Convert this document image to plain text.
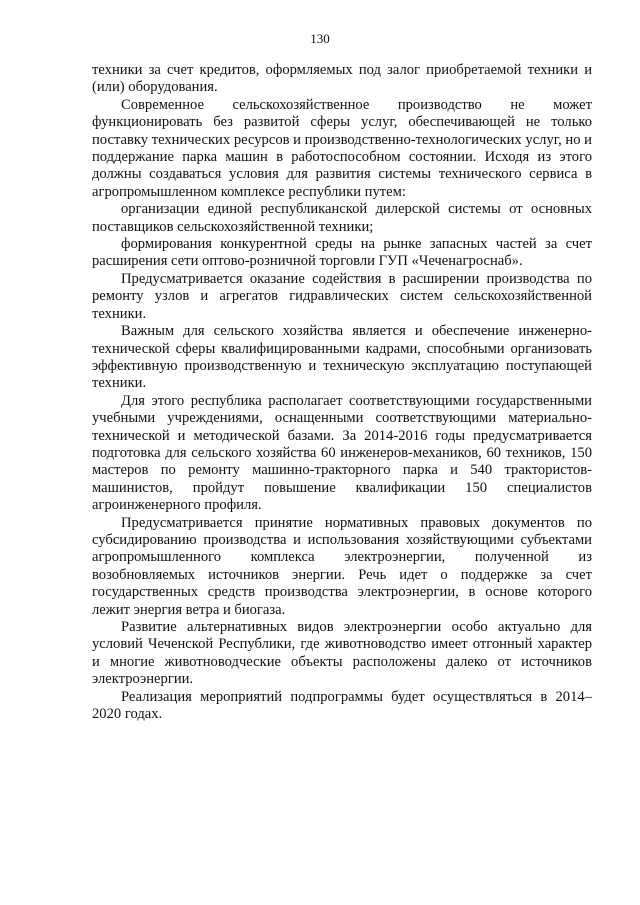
130

техники за счет кредитов, оформляемых под залог приобретаемой техники и (или) оборудования.

Современное сельскохозяйственное производство не может функционировать без развитой сферы услуг, обеспечивающей не только поставку технических ресурсов и производственно-технологических услуг, но и поддержание парка машин в работоспособном состоянии. Исходя из этого должны создаваться условия для развития системы технического сервиса в агропромышленном комплексе республики путем:

организации единой республиканской дилерской системы от основных поставщиков сельскохозяйственной техники;

формирования конкурентной среды на рынке запасных частей за счет расширения сети оптово-розничной торговли ГУП «Чеченагроснаб».

Предусматривается оказание содействия в расширении производства по ремонту узлов и агрегатов гидравлических систем сельскохозяйственной техники.

Важным для сельского хозяйства является и обеспечение инженерно-технической сферы квалифицированными кадрами, способными организовать эффективную производственную и техническую эксплуатацию поступающей техники.

Для этого республика располагает соответствующими государственными учебными учреждениями, оснащенными соответствующими материально-технической и методической базами. За 2014-2016 годы предусматривается подготовка для сельского хозяйства 60 инженеров-механиков, 60 техников, 150 мастеров по ремонту машинно-тракторного парка и 540 трактористов-машинистов, пройдут повышение квалификации 150 специалистов агроинженерного профиля.

Предусматривается принятие нормативных правовых документов по субсидированию производства и использования хозяйствующими субъектами агропромышленного комплекса электроэнергии, полученной из возобновляемых источников энергии. Речь идет о поддержке за счет государственных средств производства электроэнергии, в основе которого лежит энергия ветра и биогаза.

Развитие альтернативных видов электроэнергии особо актуально для условий Чеченской Республики, где животноводство имеет отгонный характер и многие животноводческие объекты расположены далеко от источников электроэнергии.

Реализация мероприятий подпрограммы будет осуществляться в 2014–2020 годах.
